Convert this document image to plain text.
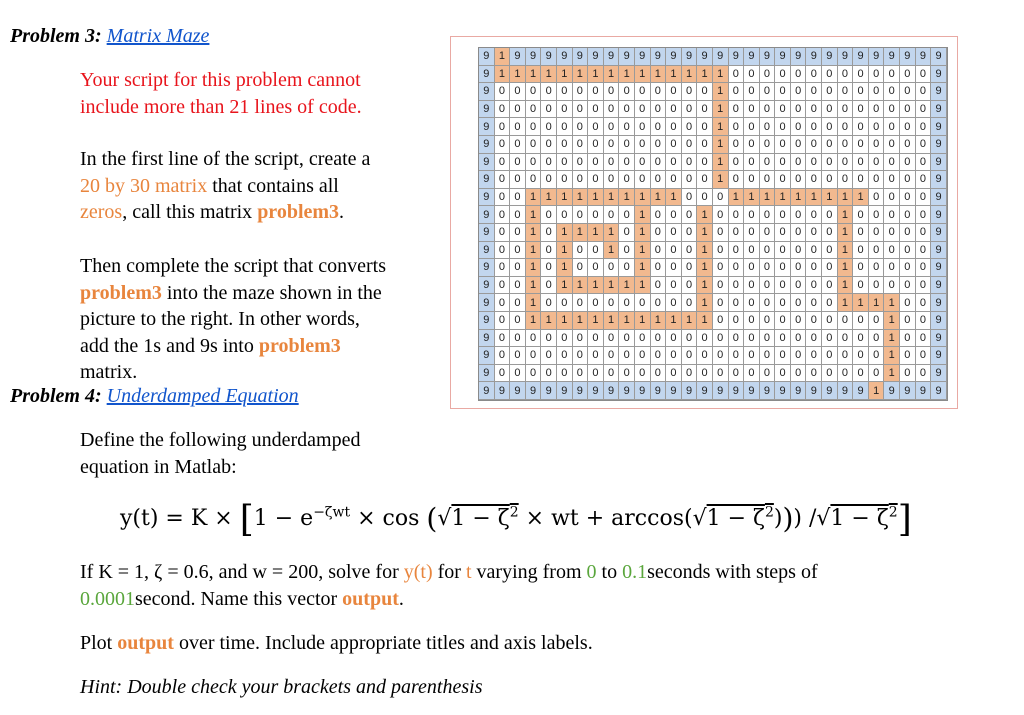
Problem 3: Matrix Maze

Your script for this problem cannot

include more than 21 lines of code.

In the first line of the script, create a

20 by 30 matrix that contains all

zeros, call this matrix problem3.

Then complete the script that converts

problem3 into the maze shown in the

picture to the right. In other words,

add the 1s and 9s into problem3

matrix.

9 1 9 9 9 9 9 9 9 9 9 9 9 9 9 9 9 9 9 9 9 9 9 9 9 9 9 9 9 9
9 1 1 1 1 1 1 1 1 1 1 1 1 1 1 1 0 0 0 0 0 0 0 0 0 0 0 0 0 9
9 0 0 0 0 0 0 0 0 0 0 0 0 0 0 1 0 0 0 0 0 0 0 0 0 0 0 0 0 9
9 0 0 0 0 0 0 0 0 0 0 0 0 0 0 1 0 0 0 0 0 0 0 0 0 0 0 0 0 9
9 0 0 0 0 0 0 0 0 0 0 0 0 0 0 1 0 0 0 0 0 0 0 0 0 0 0 0 0 9
9 0 0 0 0 0 0 0 0 0 0 0 0 0 0 1 0 0 0 0 0 0 0 0 0 0 0 0 0 9
9 0 0 0 0 0 0 0 0 0 0 0 0 0 0 1 0 0 0 0 0 0 0 0 0 0 0 0 0 9
9 0 0 0 0 0 0 0 0 0 0 0 0 0 0 1 0 0 0 0 0 0 0 0 0 0 0 0 0 9
9 0 0 1 1 1 1 1 1 1 1 1 1 0 0 0 1 1 1 1 1 1 1 1 1 0 0 0 0 9
9 0 0 1 0 0 0 0 0 0 1 0 0 0 1 0 0 0 0 0 0 0 0 1 0 0 0 0 0 9
9 0 0 1 0 1 1 1 1 0 1 0 0 0 1 0 0 0 0 0 0 0 0 1 0 0 0 0 0 9
9 0 0 1 0 1 0 0 1 0 1 0 0 0 1 0 0 0 0 0 0 0 0 1 0 0 0 0 0 9
9 0 0 1 0 1 0 0 0 0 1 0 0 0 1 0 0 0 0 0 0 0 0 1 0 0 0 0 0 9
9 0 0 1 0 1 1 1 1 1 1 0 0 0 1 0 0 0 0 0 0 0 0 1 0 0 0 0 0 9
9 0 0 1 0 0 0 0 0 0 0 0 0 0 1 0 0 0 0 0 0 0 0 1 1 1 1 0 0 9
9 0 0 1 1 1 1 1 1 1 1 1 1 1 1 0 0 0 0 0 0 0 0 0 0 0 1 0 0 9
9 0 0 0 0 0 0 0 0 0 0 0 0 0 0 0 0 0 0 0 0 0 0 0 0 0 1 0 0 9
9 0 0 0 0 0 0 0 0 0 0 0 0 0 0 0 0 0 0 0 0 0 0 0 0 0 1 0 0 9
9 0 0 0 0 0 0 0 0 0 0 0 0 0 0 0 0 0 0 0 0 0 0 0 0 0 1 0 0 9
9 9 9 9 9 9 9 9 9 9 9 9 9 9 9 9 9 9 9 9 9 9 9 9 9 1 9 9 9 9
Problem 4: Underdamped Equation

Define the following underdamped

equation in Matlab:

$y(t) = K \times [1 - e^{-\zeta wt} \times \cos (√1 - \zeta^2$ × wt + $\arccos(√1 - \zeta^2)$)) $/√1 - \zeta^2$]

If K = 1, ζ = 0.6, and w = 200, solve for y(t) for t varying from 0 to 0.1seconds with steps of

0.0001second. Name this vector output.

Plot output over time. Include appropriate titles and axis labels.

Hint: Double check your brackets and parenthesis
